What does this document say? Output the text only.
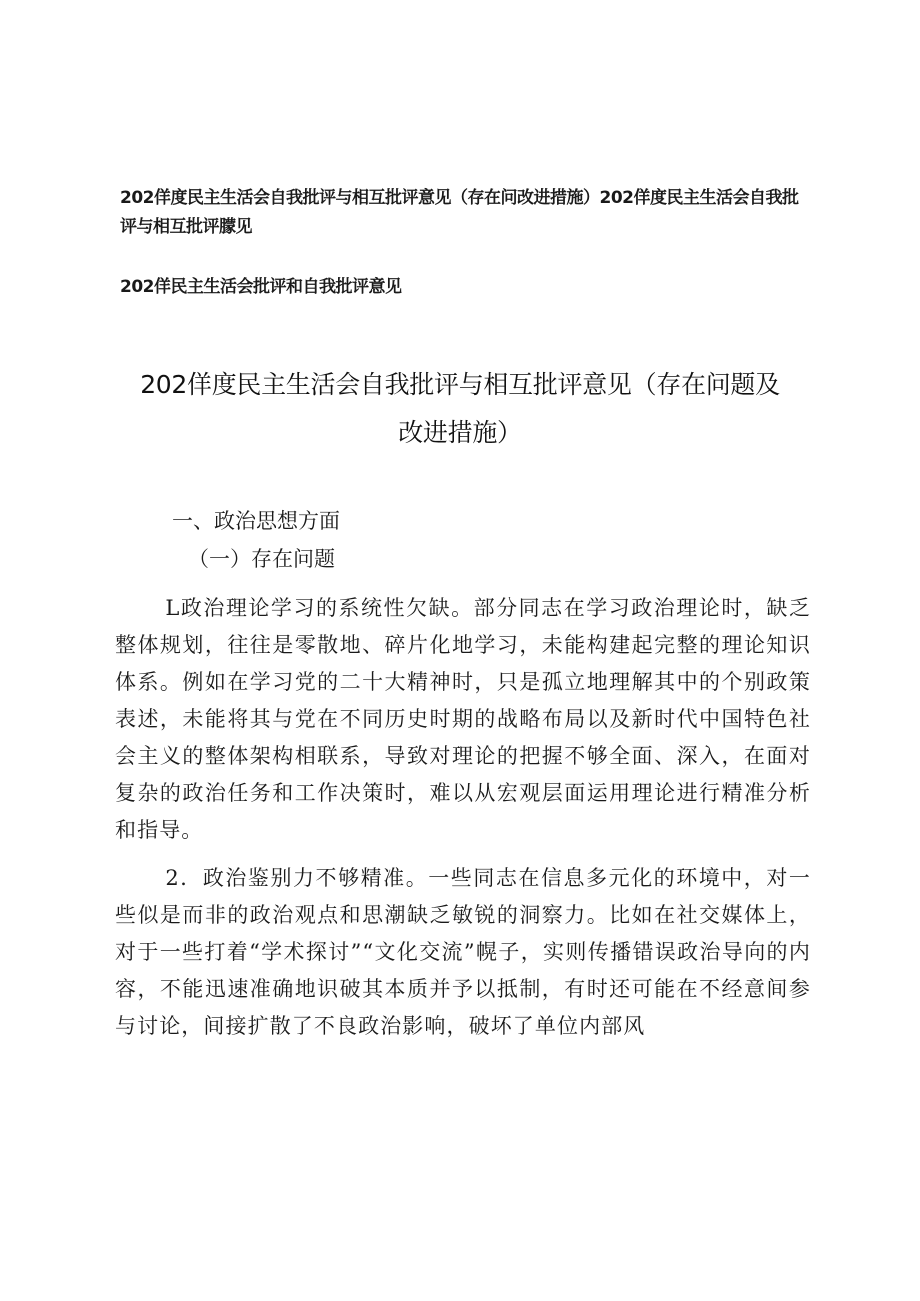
202佯度民主生活会自我批评与相互批评意见（存在问改进措施）202佯度民主生活会自我批评与相互批评朦见

202佯民主生活会批评和自我批评意见

202佯度民主生活会自我批评与相互批评意见（存在问题及改进措施）

一、政治思想方面

（一）存在问题

L政治理论学习的系统性欠缺。部分同志在学习政治理论时，缺乏整体规划，往往是零散地、碎片化地学习，未能构建起完整的理论知识体系。例如在学习党的二十大精神时，只是孤立地理解其中的个别政策表述，未能将其与党在不同历史时期的战略布局以及新时代中国特色社会主义的整体架构相联系，导致对理论的把握不够全面、深入，在面对复杂的政治任务和工作决策时，难以从宏观层面运用理论进行精准分析和指导。

2．政治鉴别力不够精准。一些同志在信息多元化的环境中，对一些似是而非的政治观点和思潮缺乏敏锐的洞察力。比如在社交媒体上，对于一些打着“学术探讨”“文化交流”幌子，实则传播错误政治导向的内容，不能迅速准确地识破其本质并予以抵制，有时还可能在不经意间参与讨论，间接扩散了不良政治影响，破坏了单位内部风
